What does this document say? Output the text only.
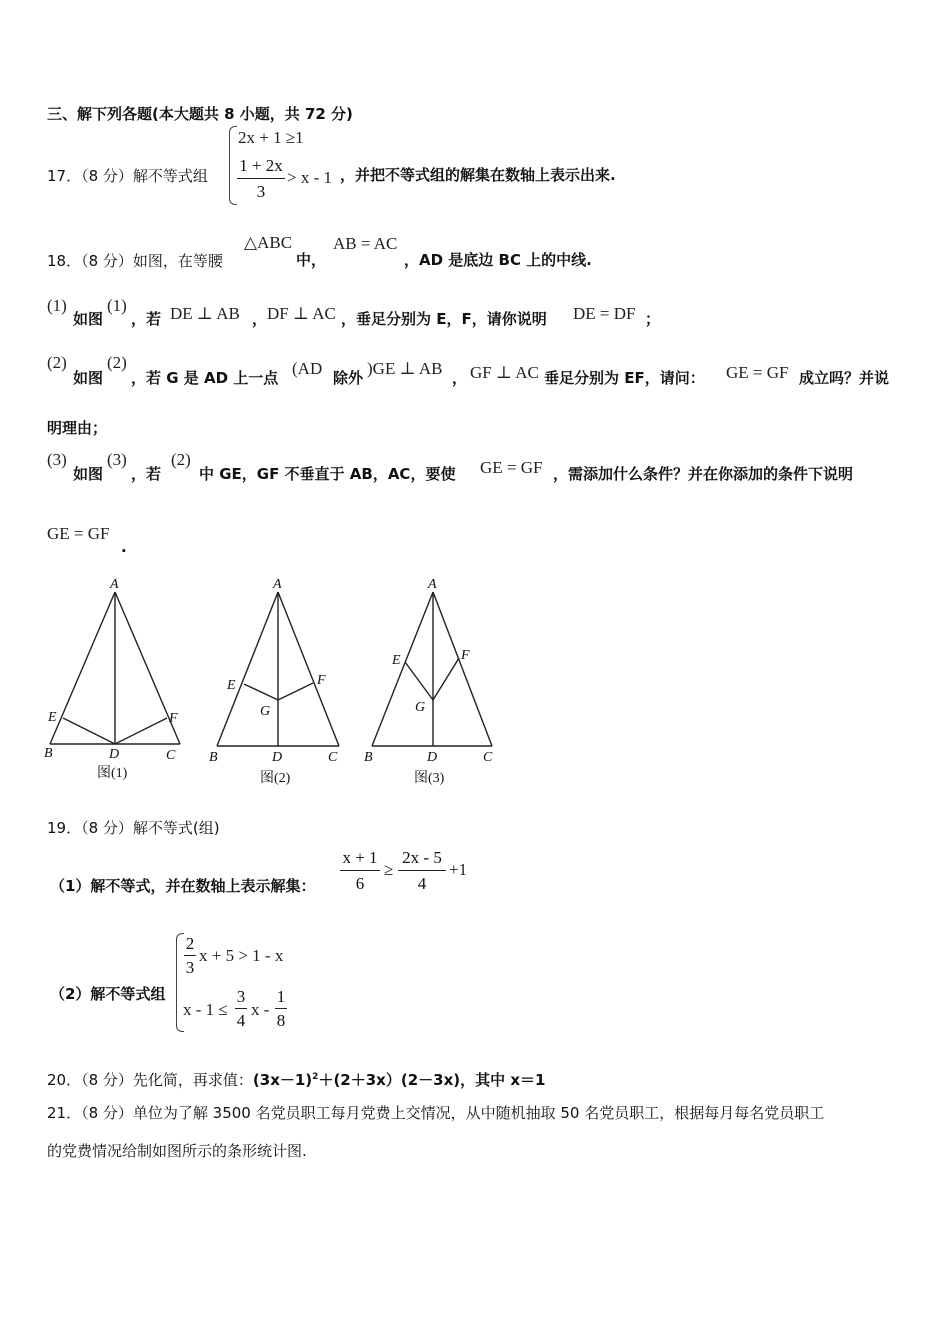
三、解下列各题(本大题共 8 小题，共 72 分)
17．（8 分）解不等式组
2x + 1 ≥1
1 + 2x
3
> x - 1 ，并把不等式组的解集在数轴上表示出来.
18．（8 分）如图，在等腰
△ABC
中，
AB = AC
，AD 是底边 BC 上的中线.
(1)
如图
(1)
，若 DE ⊥ AB ， DF ⊥ AC ，垂足分别为 E，F，请你说明 DE = DF ；
(2)
如图
(2)
，若 G 是 AD 上一点 (AD 除外 )GE ⊥ AB ， GF ⊥ AC 垂足分别为 EF，请问： GE = GF 成立吗？并说
明理由；
(3)
如图
(3)
，若
(2)
中 GE，GF 不垂直于 AB，AC，要使 GE = GF ，需添加什么条件？并在你添加的条件下说明
GE = GF
.
A
B	C
D
E	F
A
B	C
D
E	F
G
A
B	C
D
E	F
G
图(1)	图(2)	图(3)
19．（8 分）解不等式(组)
（1）解不等式，并在数轴上表示解集：
x + 1
6
≥
2x - 5
4
+1
（2）解不等式组
2
3
x + 5 > 1 - x
x - 1 ≤
3
4
x -
1
8
20．（8 分）先化简，再求值：$(3x-1)^2+(2+3x)(2-3x)$，其中 x＝1
21．（8 分）单位为了解 3500 名党员职工每月党费上交情况，从中随机抽取 50 名党员职工，根据每月每名党员职工
的党费情况给制如图所示的条形统计图.
